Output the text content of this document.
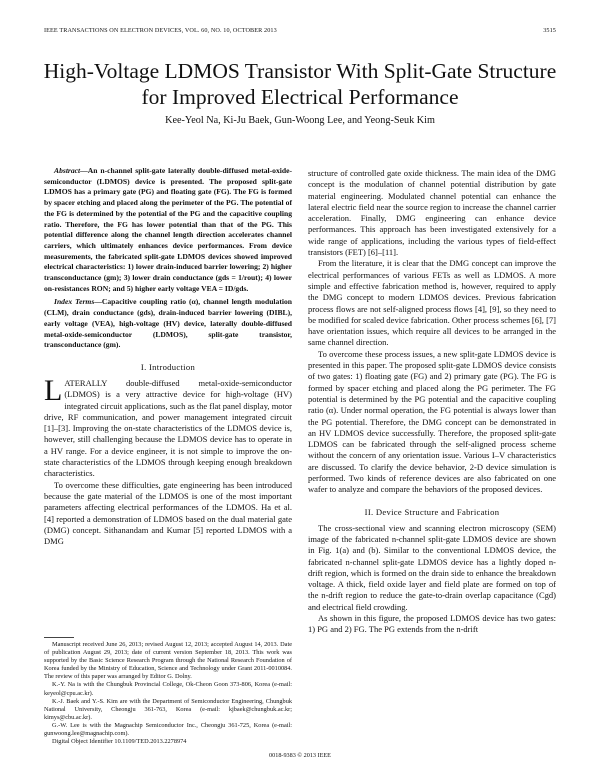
IEEE TRANSACTIONS ON ELECTRON DEVICES, VOL. 60, NO. 10, OCTOBER 2013	3515
High-Voltage LDMOS Transistor With Split-Gate Structure for Improved Electrical Performance
Kee-Yeol Na, Ki-Ju Baek, Gun-Woong Lee, and Yeong-Seuk Kim

Abstract—An n-channel split-gate laterally double-diffused metal-oxide-semiconductor (LDMOS) device is presented. The proposed split-gate LDMOS has a primary gate (PG) and floating gate (FG). The FG is formed by spacer etching and placed along the perimeter of the PG. The potential of the FG is determined by the potential of the PG and the capacitive coupling ratio. Therefore, the FG has lower potential than that of the PG. This potential difference along the channel length direction accelerates channel carriers, which ultimately enhances device performances. From device measurements, the fabricated split-gate LDMOS devices showed improved electrical characteristics: 1) lower drain-induced barrier lowering; 2) higher transconductance (gm); 3) lower drain conductance (gds = 1/rout); 4) lower on-resistances RON; and 5) higher early voltage VEA = ID/gds.

Index Terms—Capacitive coupling ratio (α), channel length modulation (CLM), drain conductance (gds), drain-induced barrier lowering (DIBL), early voltage (VEA), high-voltage (HV) device, laterally double-diffused metal-oxide-semiconductor (LDMOS), split-gate transistor, transconductance (gm).

I. Introduction

LATERALLY double-diffused metal-oxide-semiconductor (LDMOS) is a very attractive device for high-voltage (HV) integrated circuit applications, such as the flat panel display, motor drive, RF communication, and power management integrated circuit [1]–[3]. Improving the on-state characteristics of the LDMOS device is, however, still challenging because the LDMOS device has to operate in a HV range. For a device engineer, it is not simple to improve the on-state characteristics of the LDMOS through keeping enough breakdown characteristics.

To overcome these difficulties, gate engineering has been introduced because the gate material of the LDMOS is one of the most important parameters affecting electrical performances of the LDMOS. Ha et al. [4] reported a demonstration of LDMOS based on the dual material gate (DMG) concept. Sithanandam and Kumar [5] reported LDMOS with a DMG

Manuscript received June 26, 2013; revised August 12, 2013; accepted August 14, 2013. Date of publication August 29, 2013; date of current version September 18, 2013. This work was supported by the Basic Science Research Program through the National Research Foundation of Korea funded by the Ministry of Education, Science and Technology under Grant 2011-0010084. The review of this paper was arranged by Editor G. Dolny.

K.-Y. Na is with the Chungbuk Provincial College, Ok-Cheon Goon 373-806, Korea (e-mail: keyeol@cpu.ac.kr).

K.-J. Baek and Y.-S. Kim are with the Department of Semiconductor Engineering, Chungbuk National University, Cheongju 361-763, Korea (e-mail: kjbaek@chungbuk.ac.kr; kimys@cbu.ac.kr).

G.-W. Lee is with the Magnachip Semiconductor Inc., Cheongju 361-725, Korea (e-mail: gunwoong.lee@magnachip.com).

Digital Object Identifier 10.1109/TED.2013.2278974

structure of controlled gate oxide thickness. The main idea of the DMG concept is the modulation of channel potential distribution by gate material engineering. Modulated channel potential can enhance the lateral electric field near the source region to increase the channel carrier acceleration. Finally, DMG engineering can enhance device performances. This approach has been investigated extensively for a wide range of applications, including the various types of field-effect transistors (FET) [6]–[11].

From the literature, it is clear that the DMG concept can improve the electrical performances of various FETs as well as LDMOS. A more simple and effective fabrication method is, however, required to apply the DMG concept to modern LDMOS devices. Previous fabrication process flows are not self-aligned process flows [4], [9], so they need to be modified for scaled device fabrication. Other process schemes [6], [7] have orientation issues, which require all devices to be arranged in the same channel direction.

To overcome these process issues, a new split-gate LDMOS device is presented in this paper. The proposed split-gate LDMOS device consists of two gates: 1) floating gate (FG) and 2) primary gate (PG). The FG is formed by spacer etching and placed along the PG perimeter. The FG potential is determined by the PG potential and the capacitive coupling ratio (α). Under normal operation, the FG potential is always lower than the PG potential. Therefore, the DMG concept can be demonstrated in an HV LDMOS device successfully. Therefore, the proposed split-gate LDMOS can be fabricated through the self-aligned process scheme without the concern of any orientation issue. Various I–V characteristics are discussed. To clarify the device behavior, 2-D device simulation is performed. Two kinds of reference devices are also fabricated on one wafer to analyze and compare the behaviors of the proposed devices.

II. Device Structure and Fabrication

The cross-sectional view and scanning electron microscopy (SEM) image of the fabricated n-channel split-gate LDMOS device are shown in Fig. 1(a) and (b). Similar to the conventional LDMOS device, the fabricated n-channel split-gate LDMOS device has a lightly doped n-drift region, which is formed on the drain side to enhance the breakdown voltage. A thick, field oxide layer and field plate are formed on top of the n-drift region to reduce the gate-to-drain overlap capacitance (Cgd) and electrical field crowding.

As shown in this figure, the proposed LDMOS device has two gates: 1) PG and 2) FG. The PG extends from the n-drift

0018-9383 © 2013 IEEE
